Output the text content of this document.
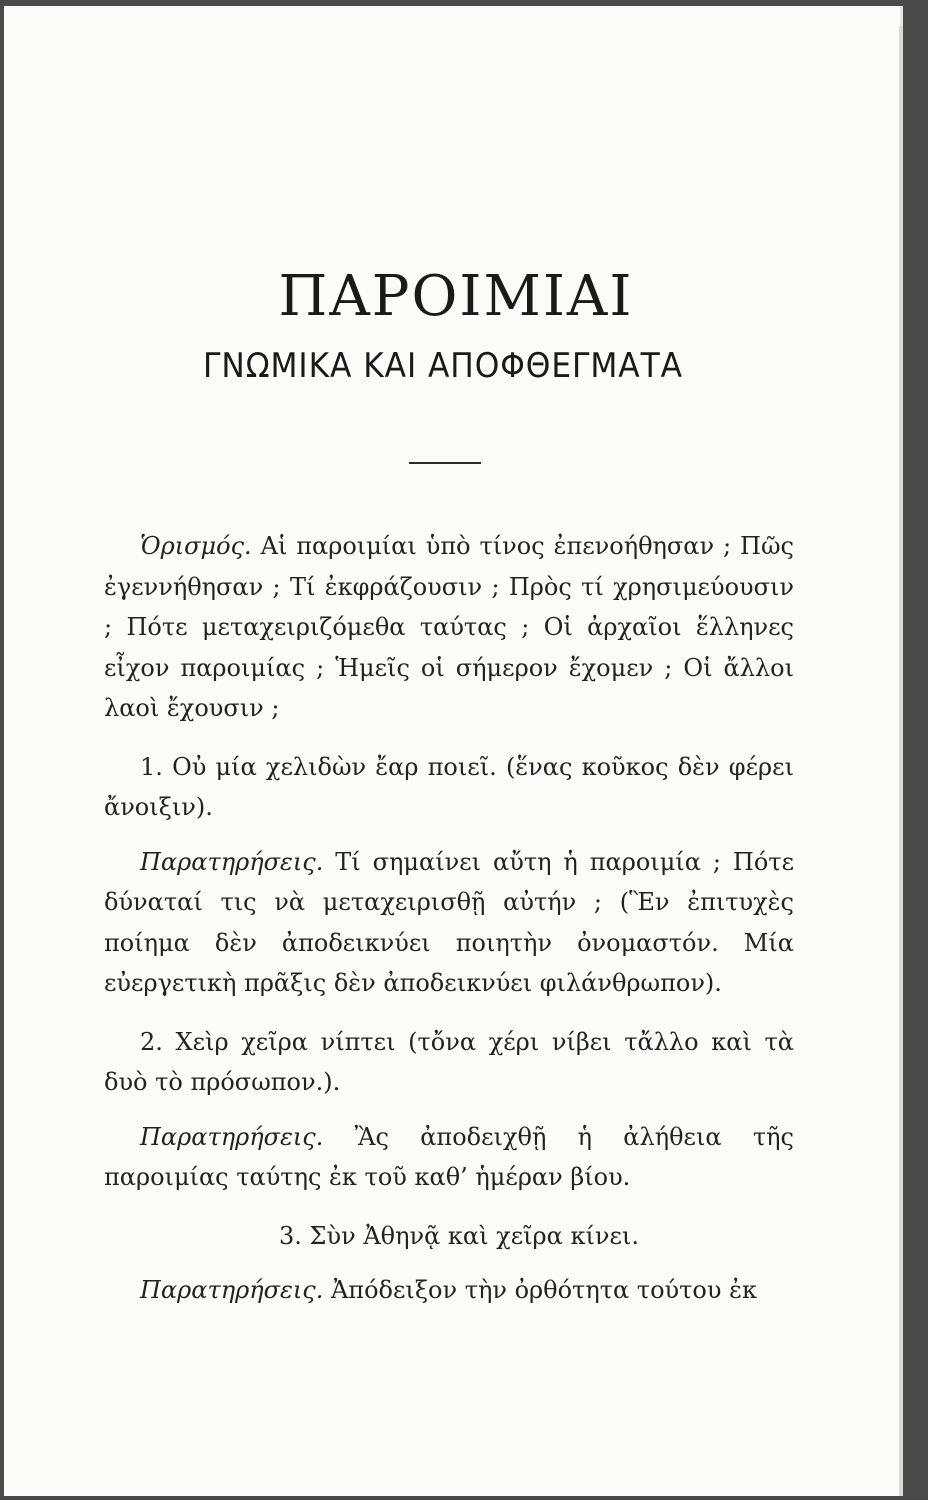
ΠΑΡΟΙΜΙΑΙ
ΓΝΩΜΙΚΑ ΚΑΙ ΑΠΟΦΘΕΓΜΑΤΑ

Ὁρισμός. Αἱ παροιμίαι ὑπὸ τίνος ἐπενοήθησαν ; Πῶς ἐγεννήθησαν ; Τί ἐκφράζουσιν ; Πρὸς τί χρησιμεύουσιν ; Πότε μεταχειριζόμεθα ταύτας ; Οἱ ἀρχαῖοι ἕλληνες εἶχον παροιμίας ; Ἡμεῖς οἱ σήμερον ἔχομεν ; Οἱ ἄλλοι λαοὶ ἔχουσιν ;

1. Οὐ μία χελιδὼν ἔαρ ποιεῖ. (ἕνας κοῦκος δὲν φέρει ἄνοιξιν).

Παρατηρήσεις. Τί σημαίνει αὔτη ἡ παροιμία ; Πότε δύναταί τις νὰ μεταχειρισθῇ αὐτήν ; (Ἓν ἐπιτυχὲς ποίημα δὲν ἀποδεικνύει ποιητὴν ὀνομαστόν. Μία εὐεργετικὴ πρᾶξις δὲν ἀποδεικνύει φιλάνθρωπον).

2. Χεὶρ χεῖρα νίπτει (τὄνα χέρι νίβει τἄλλο καὶ τὰ δυὸ τὸ πρόσωπον.).

Παρατηρήσεις. Ἂς ἀποδειχθῇ ἡ ἀλήθεια τῆς παροιμίας ταύτης ἐκ τοῦ καθ’ ἡμέραν βίου.

3. Σὺν Ἀθηνᾷ καὶ χεῖρα κίνει.

Παρατηρήσεις. Ἀπόδειξον τὴν ὀρθότητα τούτου ἐκ
